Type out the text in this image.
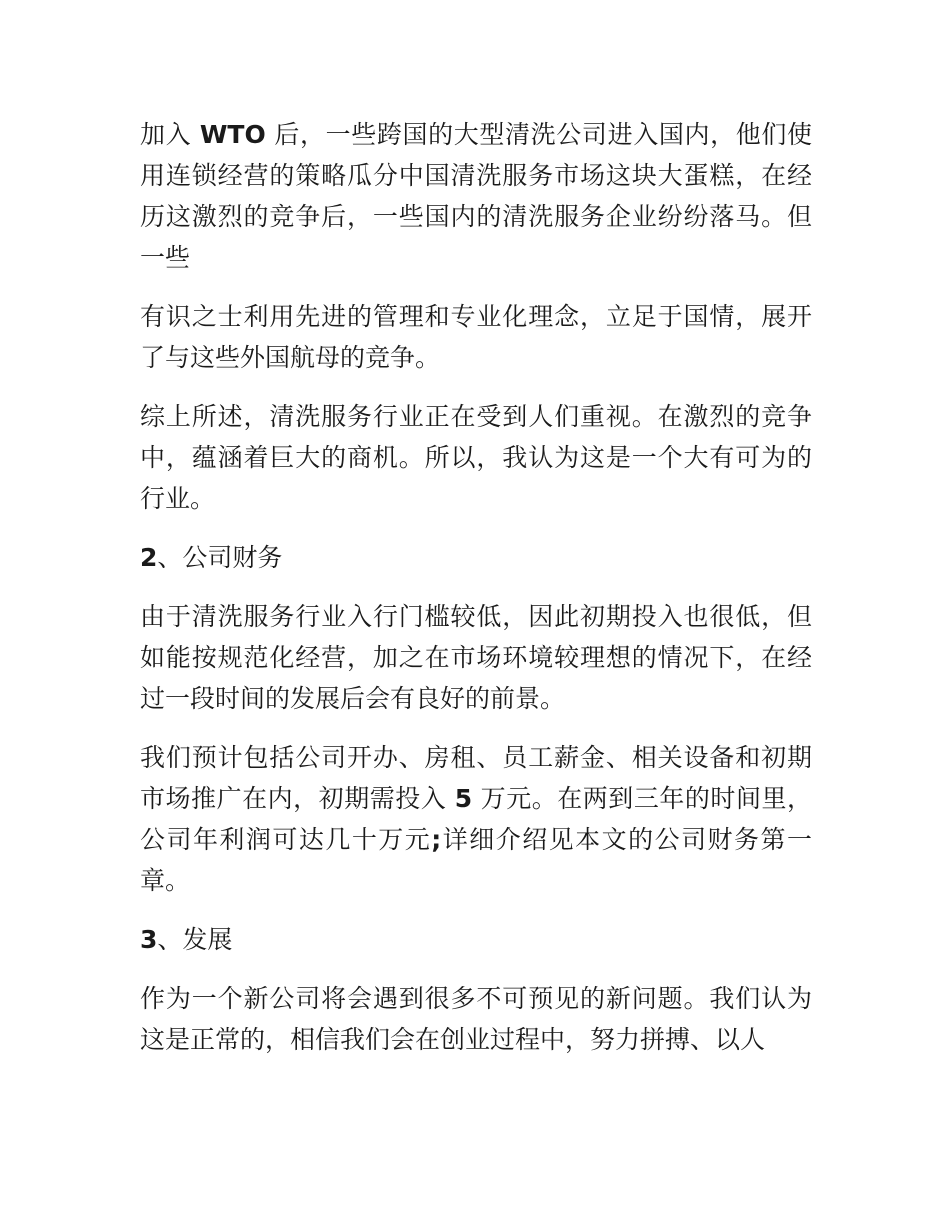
加入 WTO 后，一些跨国的大型清洗公司进入国内，他们使用连锁经营的策略瓜分中国清洗服务市场这块大蛋糕，在经历这激烈的竞争后，一些国内的清洗服务企业纷纷落马。但一些

有识之士利用先进的管理和专业化理念，立足于国情，展开了与这些外国航母的竞争。

综上所述，清洗服务行业正在受到人们重视。在激烈的竞争中，蕴涵着巨大的商机。所以，我认为这是一个大有可为的行业。

2、公司财务

由于清洗服务行业入行门槛较低，因此初期投入也很低，但如能按规范化经营，加之在市场环境较理想的情况下，在经过一段时间的发展后会有良好的前景。

我们预计包括公司开办、房租、员工薪金、相关设备和初期市场推广在内，初期需投入 5 万元。在两到三年的时间里，公司年利润可达几十万元;详细介绍见本文的公司财务第一章。

3、发展

作为一个新公司将会遇到很多不可预见的新问题。我们认为这是正常的，相信我们会在创业过程中，努力拼搏、以人
